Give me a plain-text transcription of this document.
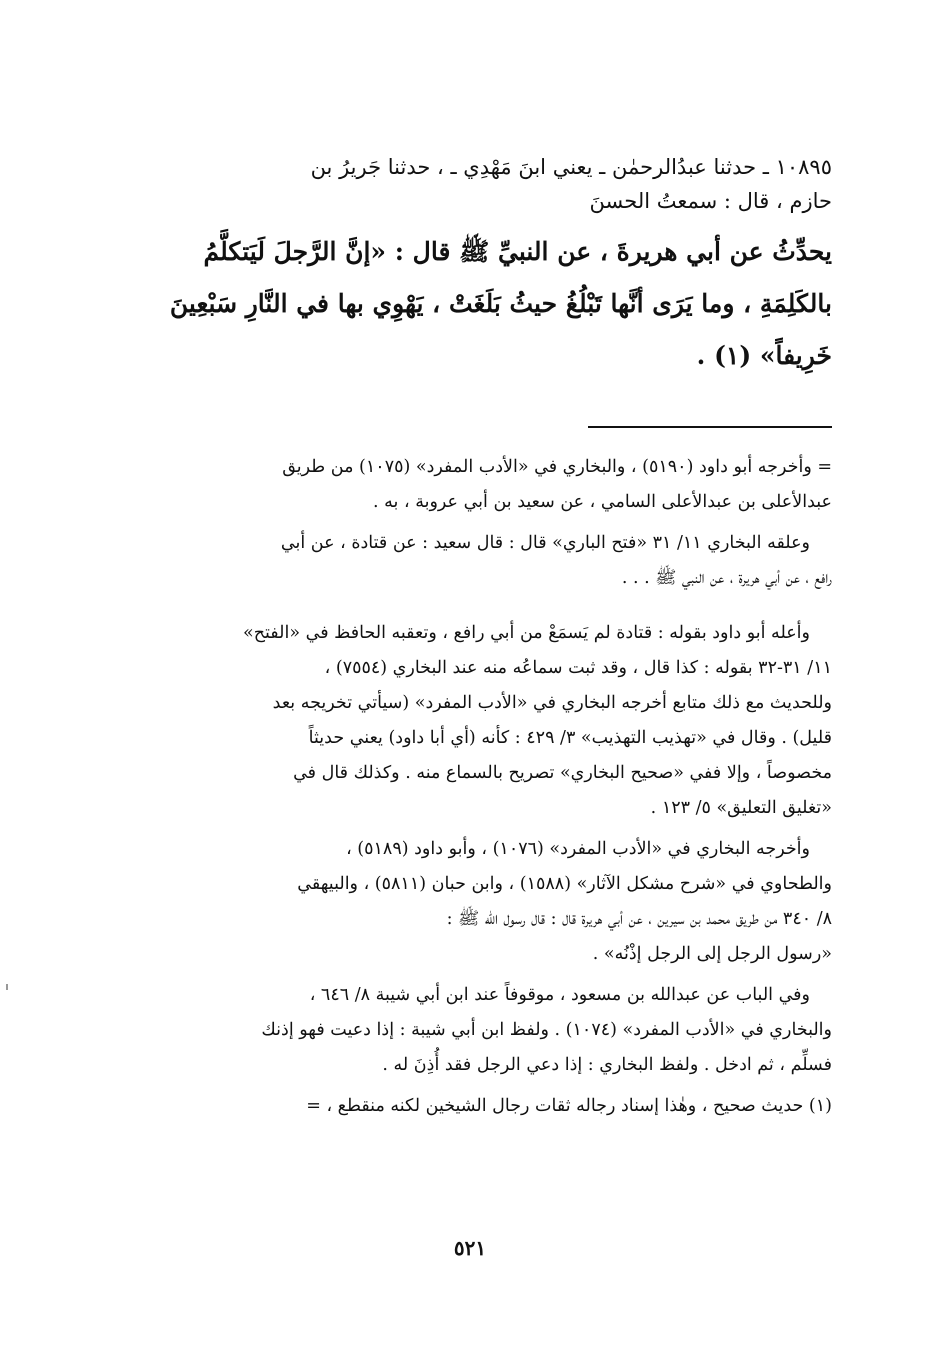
١٠٨٩٥ ـ حدثنا عبدُالرحمٰن ـ يعني ابنَ مَهْدِي ـ ، حدثنا جَريرُ بن
حازم ، قال : سمعتُ الحسنَ
يحدِّثُ عن أبي هريرةَ ، عن النبيِّ ﷺ قال : «إنَّ الرَّجلَ لَيَتكلَّمُ
بالكَلِمَةِ ، وما يَرَى أنَّها تَبْلُغُ حيثُ بَلَغَتْ ، يَهْوِي بها في النَّارِ سَبْعِينَ
خَرِيفاً» (١) .
= وأخرجه أبو داود (٥١٩٠) ، والبخاري في «الأدب المفرد» (١٠٧٥) من طريق
عبدالأعلى بن عبدالأعلى السامي ، عن سعيد بن أبي عروبة ، به .
وعلقه البخاري ١١/ ٣١ «فتح الباري» قال : قال سعيد : عن قتادة ، عن أبي
رافع ، عن أبي هريرة ، عن النبي ﷺ . . .
وأعله أبو داود بقوله : قتادة لم يَسمَعْ من أبي رافع ، وتعقبه الحافظ في «الفتح»
١١/ ٣١-٣٢ بقوله : كذا قال ، وقد ثبت سماعُه منه عند البخاري (٧٥٥٤) ،
وللحديث مع ذلك متابع أخرجه البخاري في «الأدب المفرد» (سيأتي تخريجه بعد
قليل) . وقال في «تهذيب التهذيب» ٣/ ٤٢٩ : كأنه (أي أبا داود) يعني حديثاً
مخصوصاً ، وإلا ففي «صحيح البخاري» تصريح بالسماع منه . وكذلك قال في
«تغليق التعليق» ٥/ ١٢٣ .
وأخرجه البخاري في «الأدب المفرد» (١٠٧٦) ، وأبو داود (٥١٨٩) ،
والطحاوي في «شرح مشكل الآثار» (١٥٨٨) ، وابن حبان (٥٨١١) ، والبيهقي
٨/ ٣٤٠ من طريق محمد بن سيرين ، عن أبي هريرة قال : قال رسول الله ﷺ :
«رسول الرجل إلى الرجل إذْنُه» .
وفي الباب عن عبدالله بن مسعود ، موقوفاً عند ابن أبي شيبة ٨/ ٦٤٦ ،
والبخاري في «الأدب المفرد» (١٠٧٤) . ولفظ ابن أبي شيبة : إذا دعيت فهو إذنك
فسلِّم ، ثم ادخل . ولفظ البخاري : إذا دعي الرجل فقد أُذِنَ له .
(١) حديث صحيح ، وهٰذا إسناد رجاله ثقات رجال الشيخين لكنه منقطع ، =
٥٢١
